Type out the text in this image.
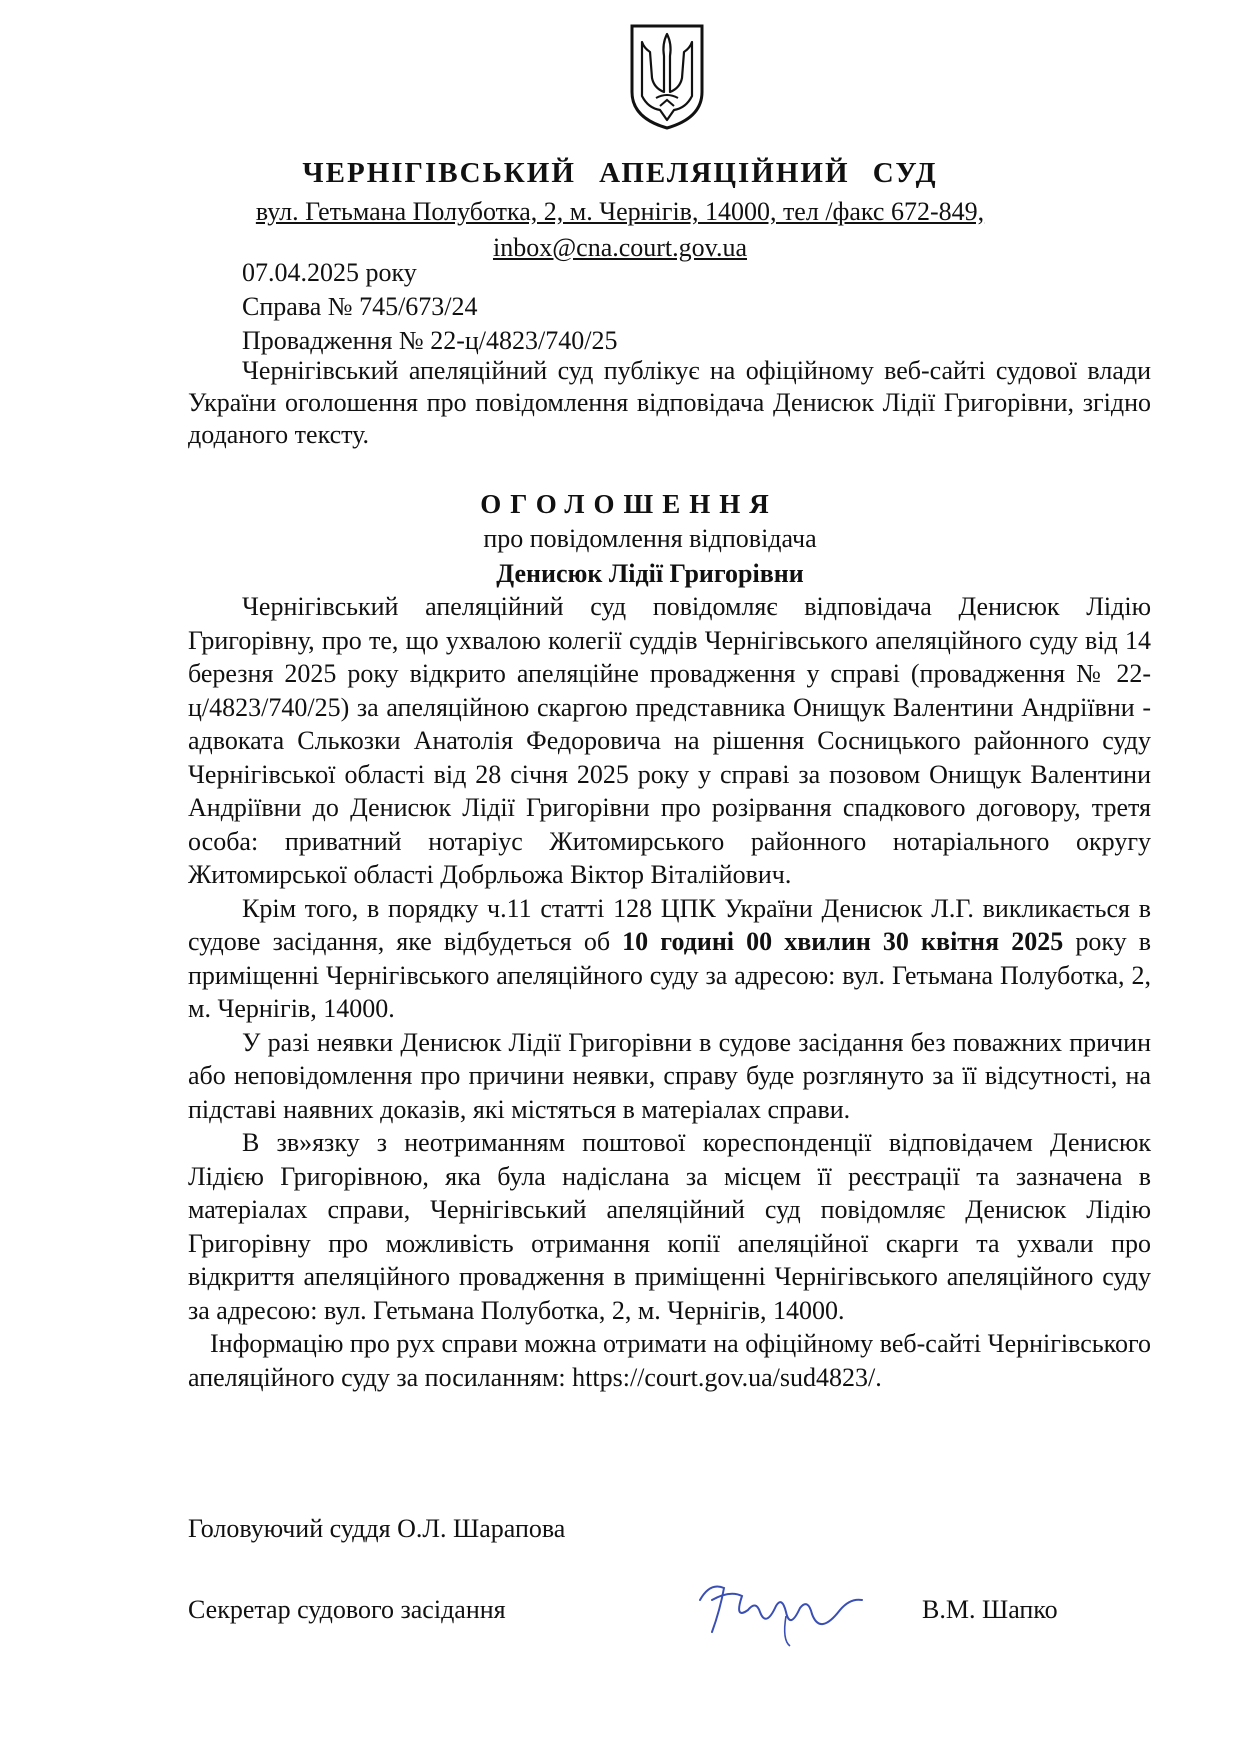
ЧЕРНІГІВСЬКИЙ АПЕЛЯЦІЙНИЙ СУД
вул. Гетьмана Полуботка, 2, м. Чернігів, 14000, тел /факс 672-849,
inbox@cna.court.gov.ua
07.04.2025 року
Справа № 745/673/24
Провадження № 22-ц/4823/740/25
Чернігівський апеляційний суд публікує на офіційному веб-сайті судової влади України оголошення про повідомлення відповідача Денисюк Лідії Григорівни, згідно доданого тексту.
ОГОЛОШЕННЯ
про повідомлення відповідача
Денисюк Лідії Григорівни

Чернігівський апеляційний суд повідомляє відповідача Денисюк Лідію Григорівну, про те, що ухвалою колегії суддів Чернігівського апеляційного суду від 14 березня 2025 року відкрито апеляційне провадження у справі (провадження № 22-ц/4823/740/25) за апеляційною скаргою представника Онищук Валентини Андріївни - адвоката Слькозки Анатолія Федоровича на рішення Сосницького районного суду Чернігівської області від 28 січня 2025 року у справі за позовом Онищук Валентини Андріївни до Денисюк Лідії Григорівни про розірвання спадкового договору, третя особа: приватний нотаріус Житомирського районного нотаріального округу Житомирської області Добрльожа Віктор Віталійович.

Крім того, в порядку ч.11 статті 128 ЦПК України Денисюк Л.Г. викликається в судове засідання, яке відбудеться об 10 годині 00 хвилин 30 квітня 2025 року в приміщенні Чернігівського апеляційного суду за адресою: вул. Гетьмана Полуботка, 2, м. Чернігів, 14000.

У разі неявки Денисюк Лідії Григорівни в судове засідання без поважних причин або неповідомлення про причини неявки, справу буде розглянуто за її відсутності, на підставі наявних доказів, які містяться в матеріалах справи.

В зв»язку з неотриманням поштової кореспонденції відповідачем Денисюк Лідією Григорівною, яка була надіслана за місцем її реєстрації та зазначена в матеріалах справи, Чернігівський апеляційний суд повідомляє Денисюк Лідію Григорівну про можливість отримання копії апеляційної скарги та ухвали про відкриття апеляційного провадження в приміщенні Чернігівського апеляційного суду за адресою: вул. Гетьмана Полуботка, 2, м. Чернігів, 14000.

Інформацію про рух справи можна отримати на офіційному веб-сайті Чернігівського апеляційного суду за посиланням: https://court.gov.ua/sud4823/.

Головуючий суддя О.Л. Шарапова
Секретар судового засідання	В.М. Шапко
